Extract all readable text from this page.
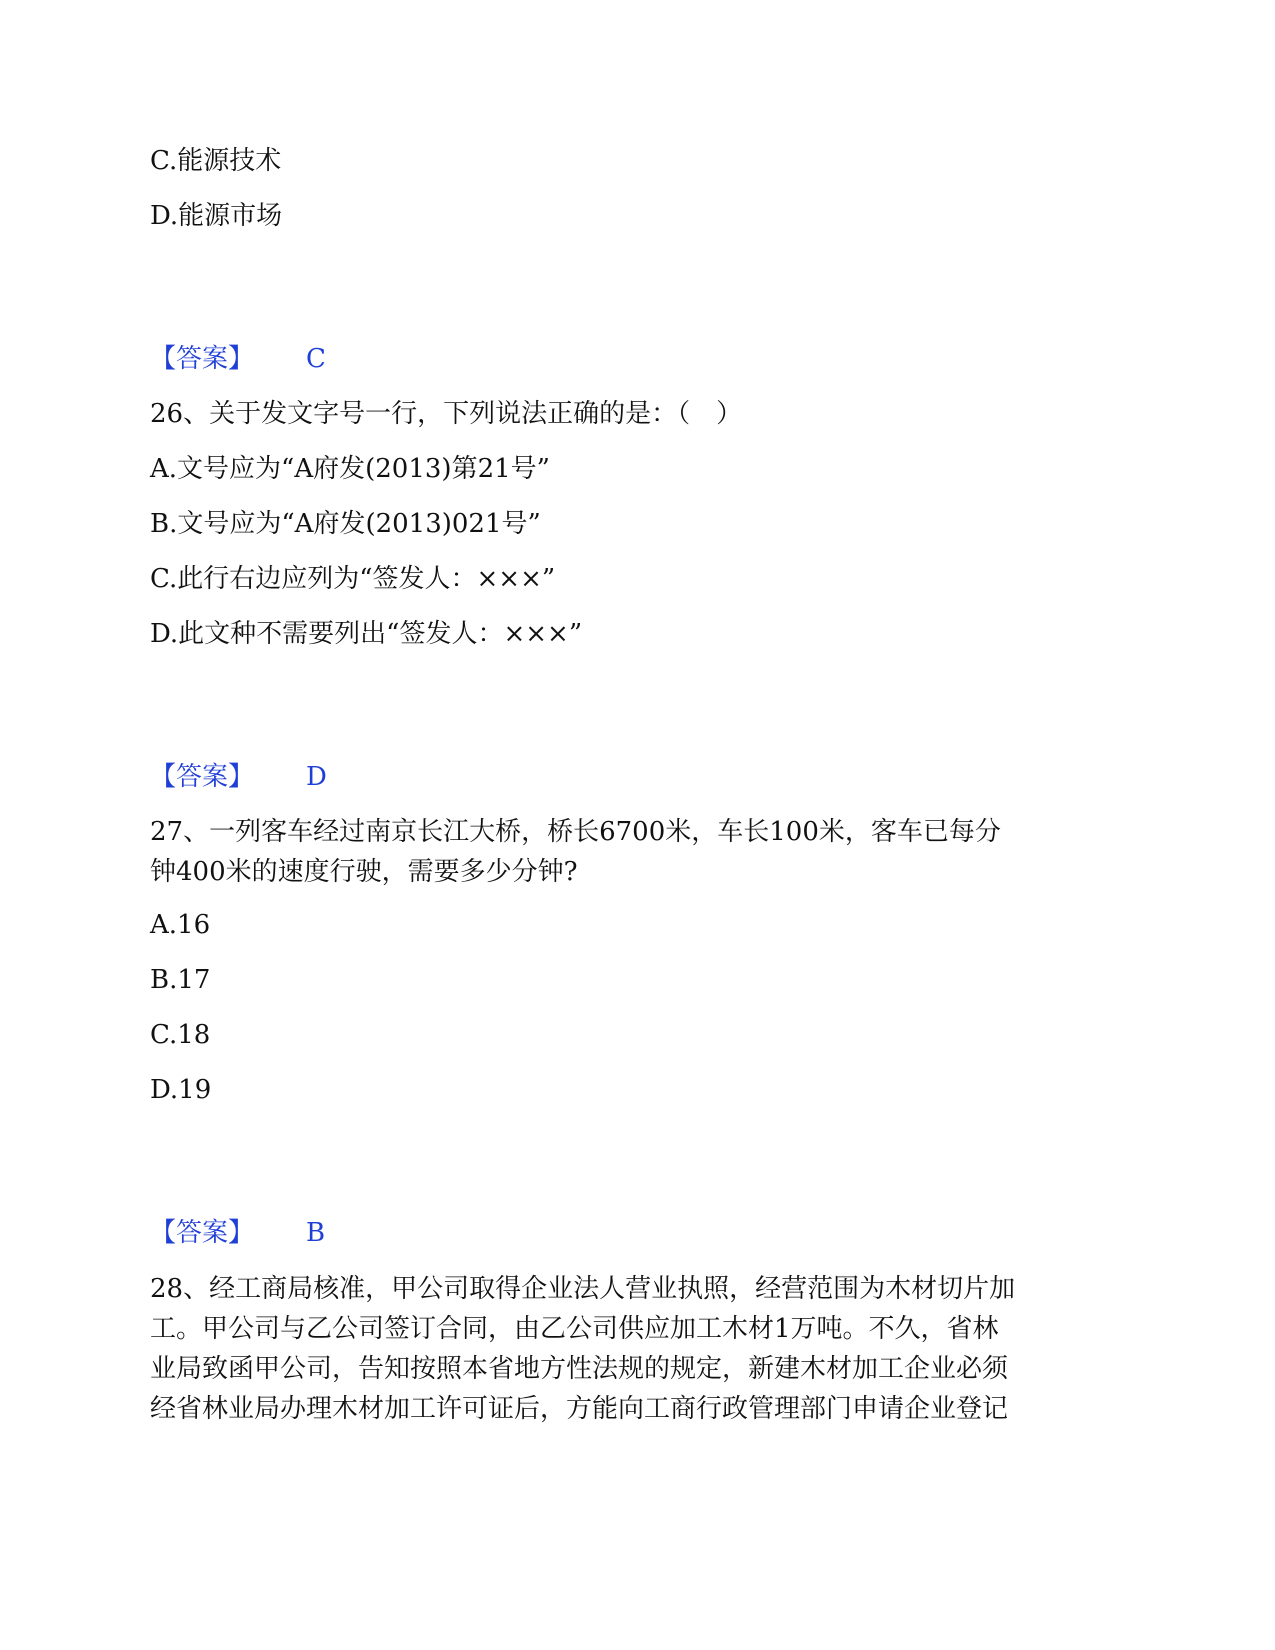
C.能源技术
D.能源市场
【答案】 C
26、关于发文字号一行，下列说法正确的是：（　）
A.文号应为“A府发(2013)第21号”
B.文号应为“A府发(2013)021号”
C.此行右边应列为“签发人：×××”
D.此文种不需要列出“签发人：×××”
【答案】 D
27、一列客车经过南京长江大桥，桥长6700米，车长100米，客车已每分
钟400米的速度行驶，需要多少分钟?
A.16
B.17
C.18
D.19
【答案】 B
28、经工商局核准，甲公司取得企业法人营业执照，经营范围为木材切片加
工。甲公司与乙公司签订合同，由乙公司供应加工木材1万吨。不久，省林
业局致函甲公司，告知按照本省地方性法规的规定，新建木材加工企业必须
经省林业局办理木材加工许可证后，方能向工商行政管理部门申请企业登记
